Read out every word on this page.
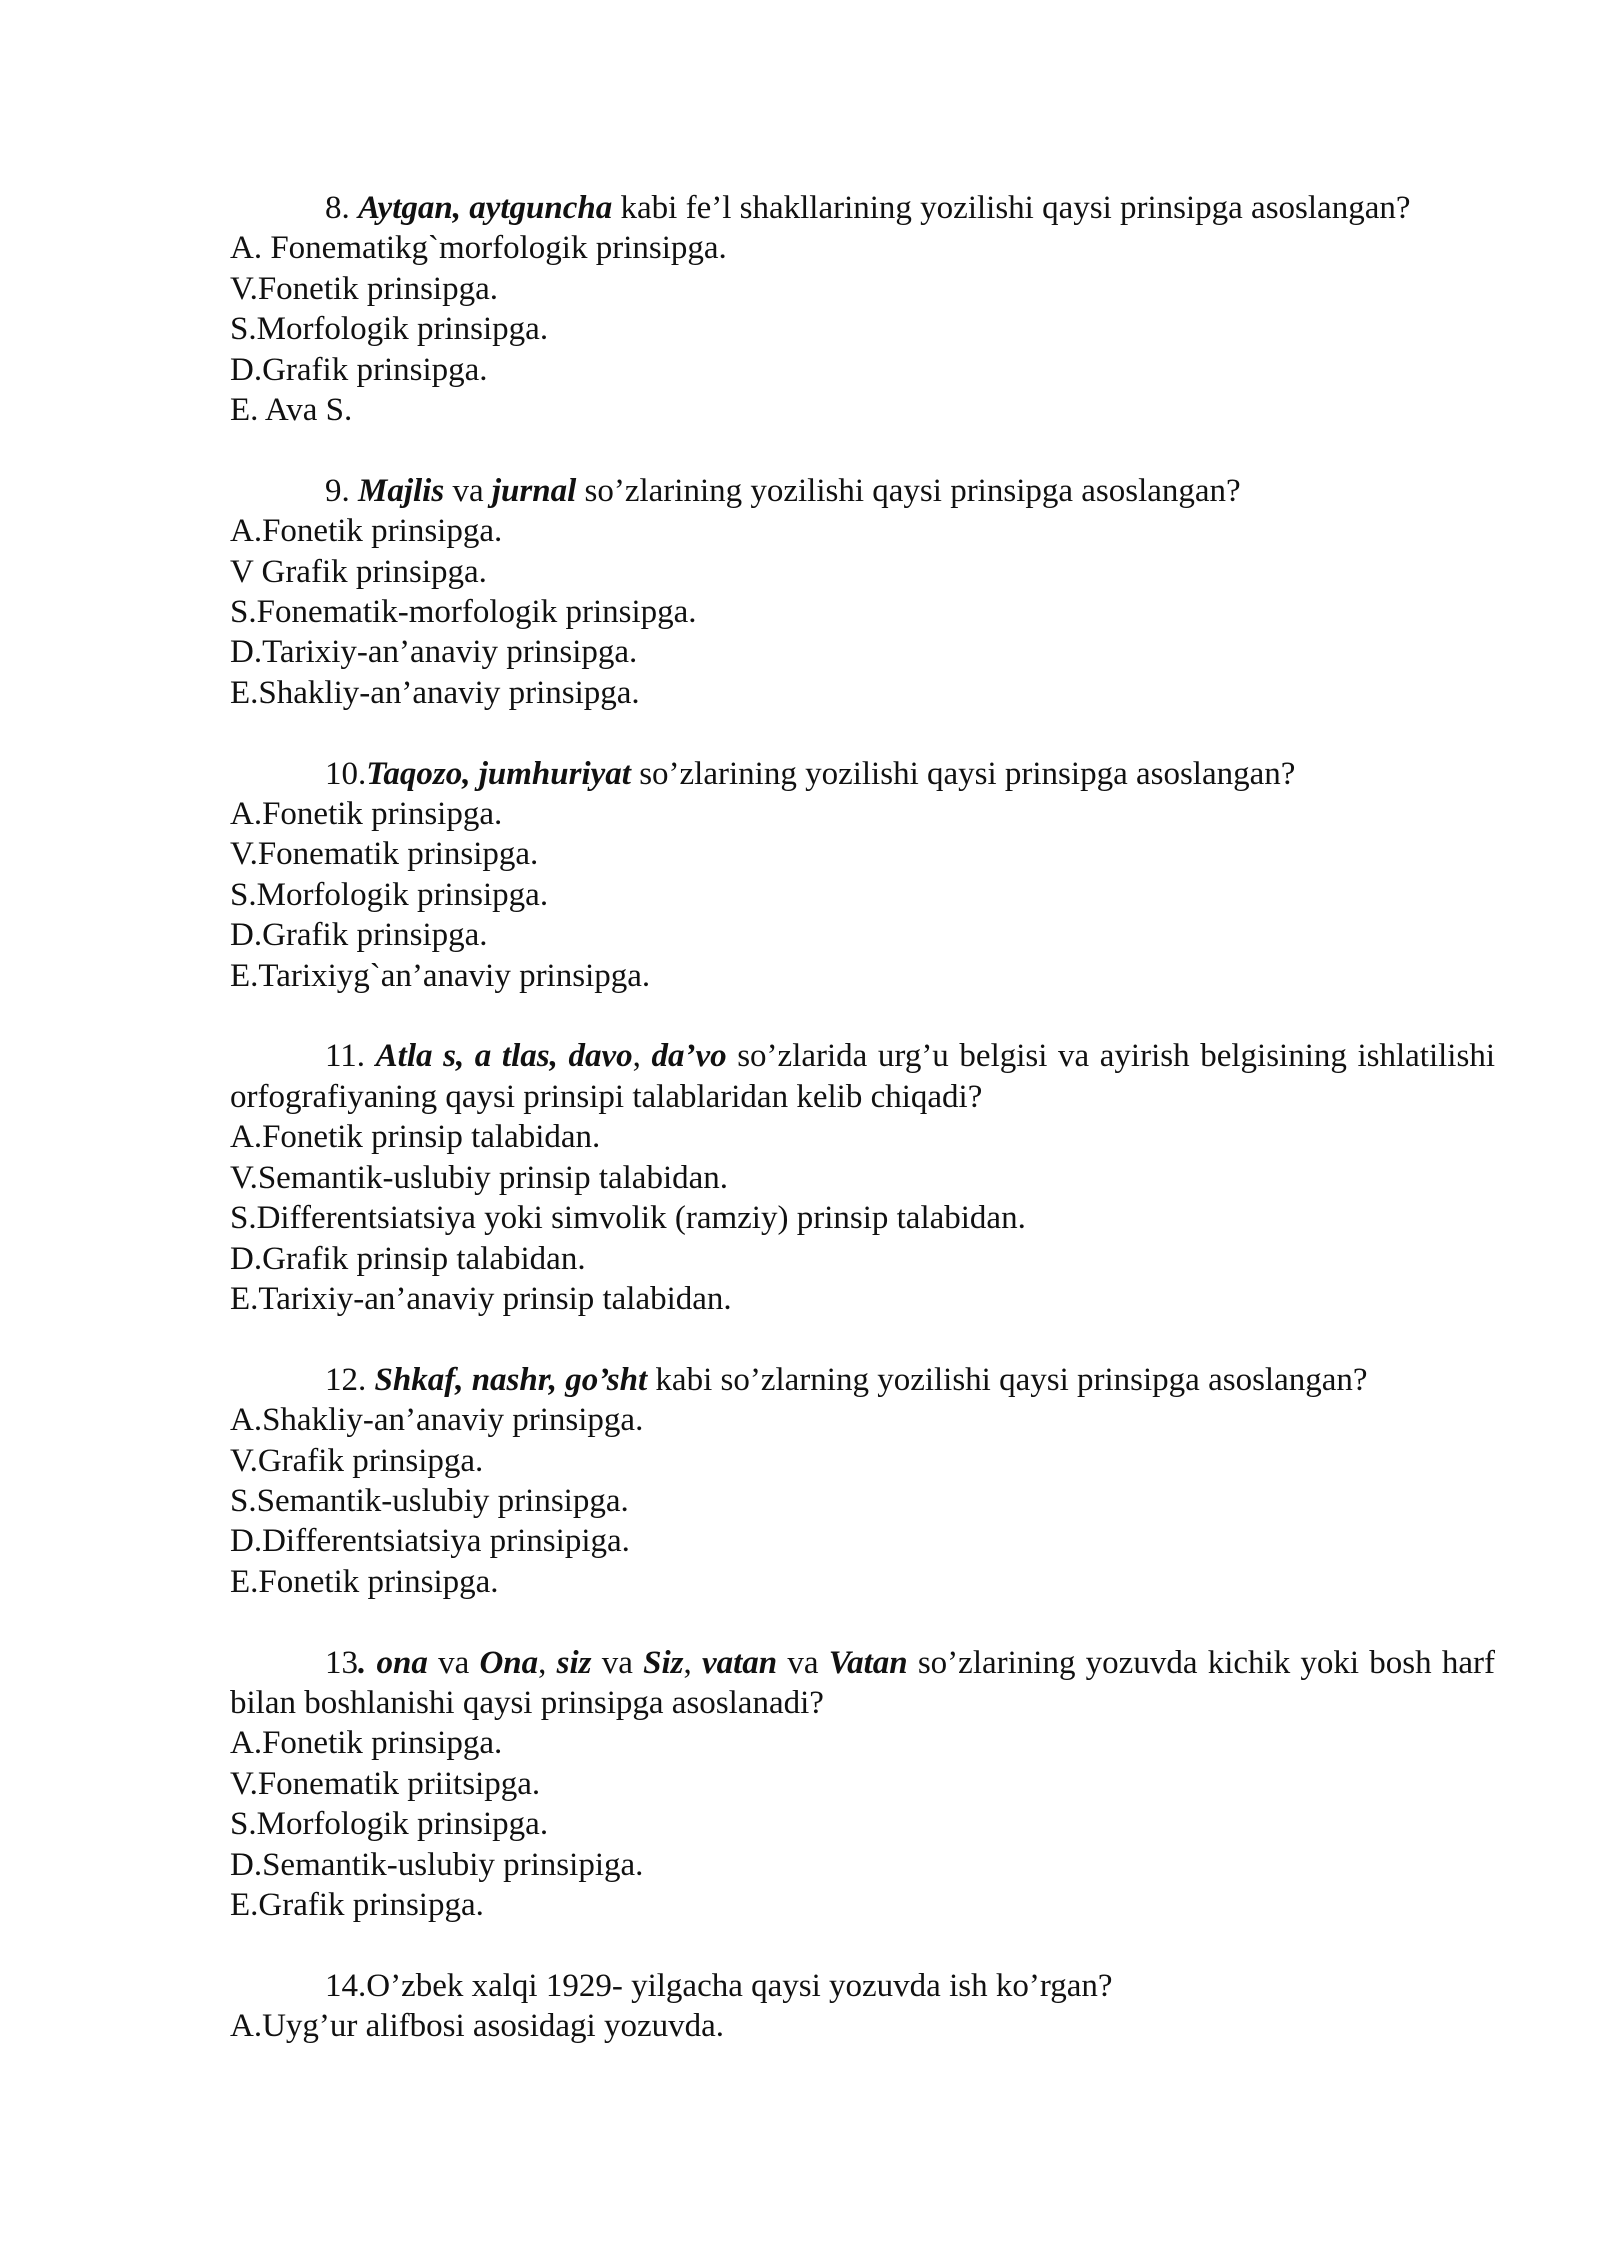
8. Aytgan, aytguncha kabi fe’l shakllarining yozilishi qaysi prinsipga asoslangan?
A. Fonematikg`morfologik prinsipga.
V.Fonetik prinsipga.
S.Morfologik prinsipga.
D.Grafik prinsipga.
E. Ava S.
9. Majlis va jurnal so’zlarining yozilishi qaysi prinsipga asoslangan?
A.Fonetik prinsipga.
V Grafik prinsipga.
S.Fonematik-morfologik prinsipga.
D.Tarixiy-an’anaviy prinsipga.
E.Shakliy-an’anaviy prinsipga.
10.Taqozo, jumhuriyat so’zlarining yozilishi qaysi prinsipga asoslangan?
A.Fonetik prinsipga.
V.Fonematik prinsipga.
S.Morfologik prinsipga.
D.Grafik prinsipga.
E.Tarixiyg`an’anaviy prinsipga.
11. Atla s, a tlas, davo, da’vo so’zlarida urg’u belgisi va ayirish belgisining ishlatilishi orfografiyaning qaysi prinsipi talablaridan kelib chiqadi?
A.Fonetik prinsip talabidan.
V.Semantik-uslubiy prinsip talabidan.
S.Differentsiatsiya yoki simvolik (ramziy) prinsip talabidan.
D.Grafik prinsip talabidan.
E.Tarixiy-an’anaviy prinsip talabidan.
12. Shkaf, nashr, go’sht kabi so’zlarning yozilishi qaysi prinsipga asoslangan?
A.Shakliy-an’anaviy prinsipga.
V.Grafik prinsipga.
S.Semantik-uslubiy prinsipga.
D.Differentsiatsiya prinsipiga.
E.Fonetik prinsipga.
13. ona va Ona, siz va Siz, vatan va Vatan so’zlarining yozuvda kichik yoki bosh harf bilan boshlanishi qaysi prinsipga asoslanadi?
A.Fonetik prinsipga.
V.Fonematik priitsipga.
S.Morfologik prinsipga.
D.Semantik-uslubiy prinsipiga.
E.Grafik prinsipga.
14.O’zbek xalqi 1929- yilgacha qaysi yozuvda ish ko’rgan?
A.Uyg’ur alifbosi asosidagi yozuvda.
